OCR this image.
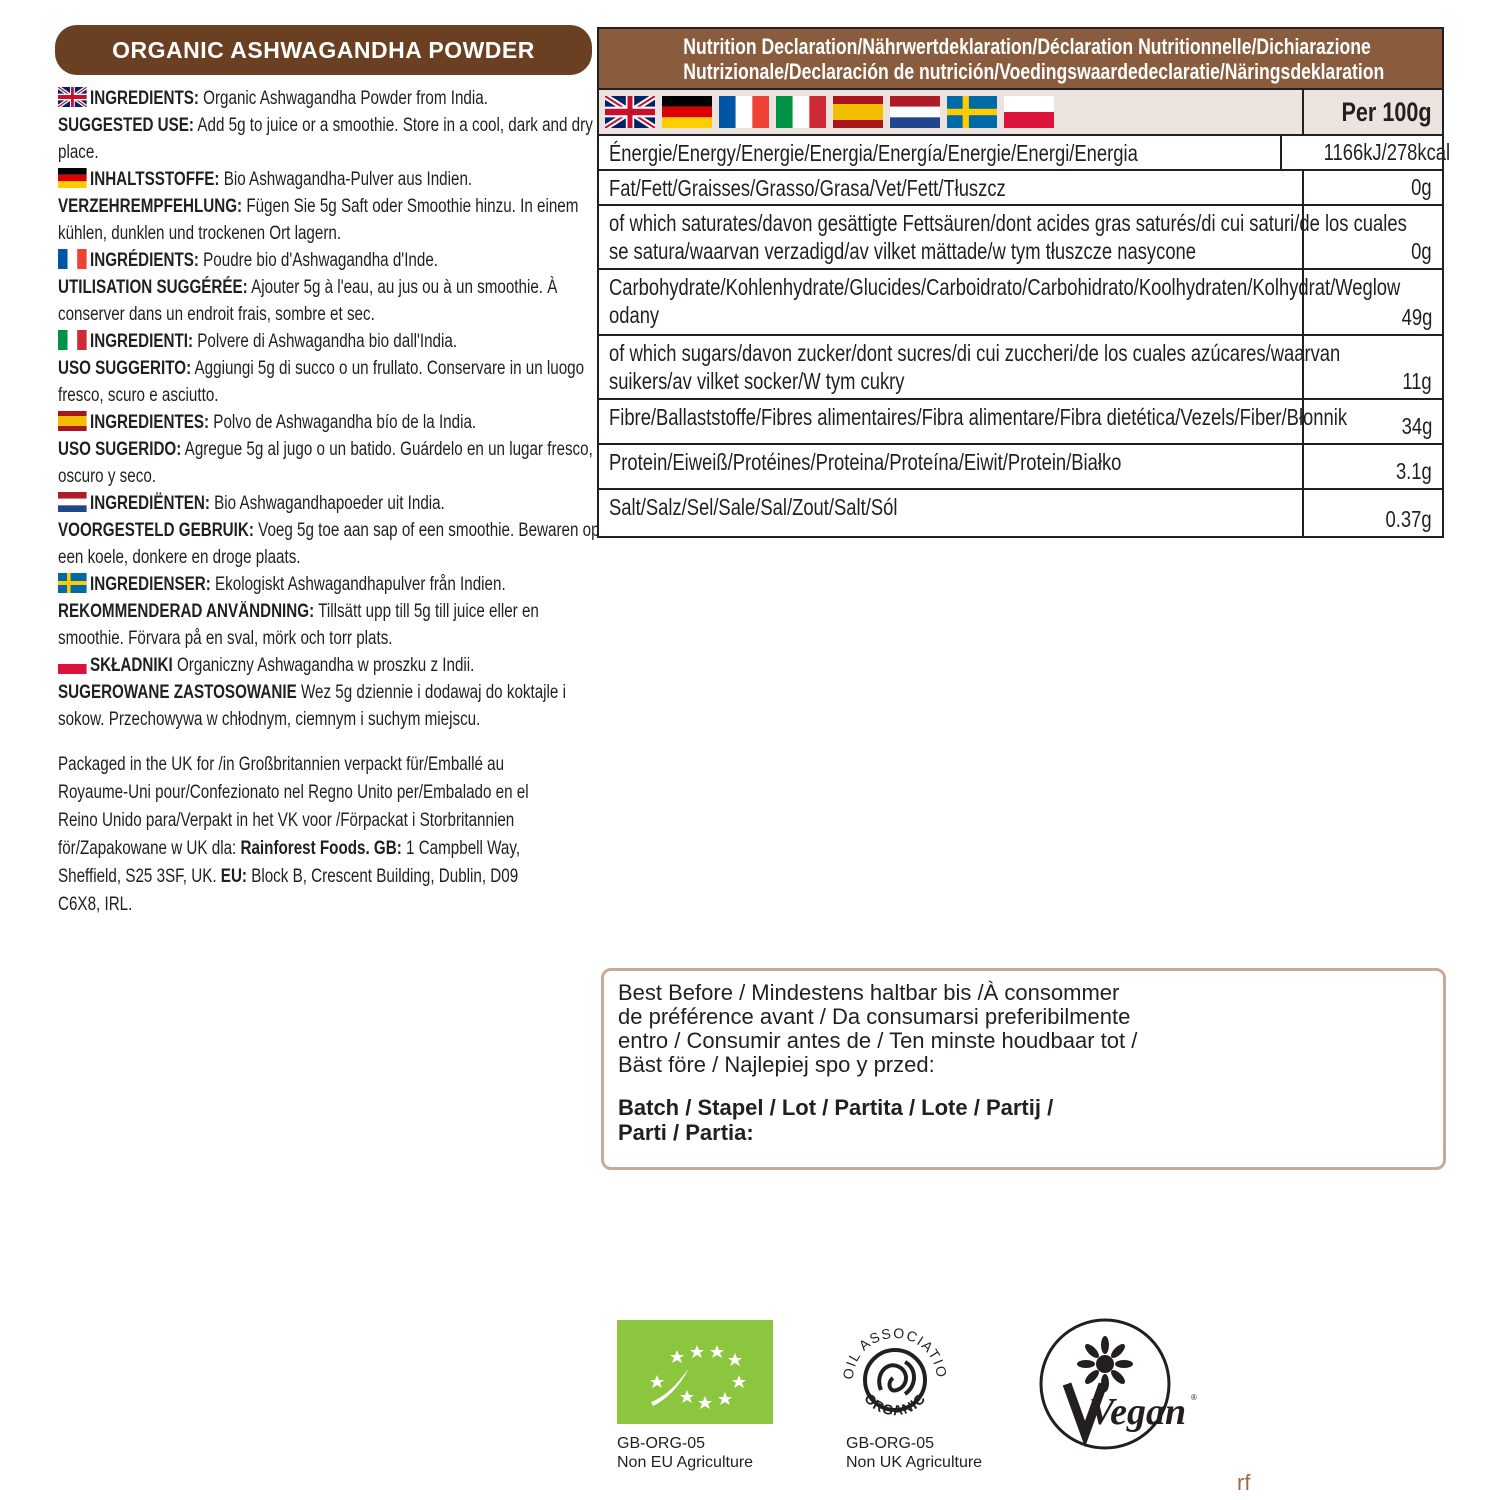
ORGANIC ASHWAGANDHA POWDER
INGREDIENTS: Organic Ashwagandha Powder from India.
SUGGESTED USE: Add 5g to juice or a smoothie. Store in a cool, dark and dry
place.
INHALTSSTOFFE: Bio Ashwagandha-Pulver aus Indien.
VERZEHREMPFEHLUNG: Fügen Sie 5g Saft oder Smoothie hinzu. In einem
kühlen, dunklen und trockenen Ort lagern.
INGRÉDIENTS: Poudre bio d'Ashwagandha d'Inde.
UTILISATION SUGGÉRÉE: Ajouter 5g à l'eau, au jus ou à un smoothie. À
conserver dans un endroit frais, sombre et sec.
INGREDIENTI: Polvere di Ashwagandha bio dall'India.
USO SUGGERITO: Aggiungi 5g di succo o un frullato. Conservare in un luogo
fresco, scuro e asciutto.
INGREDIENTES: Polvo de Ashwagandha bío de la India.
USO SUGERIDO: Agregue 5g al jugo o un batido. Guárdelo en un lugar fresco,
oscuro y seco.
INGREDIËNTEN: Bio Ashwagandhapoeder uit India.
VOORGESTELD GEBRUIK: Voeg 5g toe aan sap of een smoothie. Bewaren op
een koele, donkere en droge plaats.
INGREDIENSER: Ekologiskt Ashwagandhapulver från Indien.
REKOMMENDERAD ANVÄNDNING: Tillsätt upp till 5g till juice eller en
smoothie. Förvara på en sval, mörk och torr plats.
SKŁADNIKI Organiczny Ashwagandha w proszku z Indii.
SUGEROWANE ZASTOSOWANIE Wez 5g dziennie i dodawaj do koktajle i
sokow. Przechowywa w chłodnym, ciemnym i suchym miejscu.
Packaged in the UK for /in Großbritannien verpackt für/Emballé au
Royaume-Uni pour/Confezionato nel Regno Unito per/Embalado en el
Reino Unido para/Verpakt in het VK voor /Förpackat i Storbritannien
för/Zapakowane w UK dla: Rainforest Foods. GB: 1 Campbell Way,
Sheffield, S25 3SF, UK. EU: Block B, Crescent Building, Dublin, D09
C6X8, IRL.
Nutrition Declaration/Nährwertdeklaration/Déclaration Nutritionnelle/Dichiarazione
Nutrizionale/Declaración de nutrición/Voedingswaardedeclaratie/Näringsdeklaration
Per 100g
Énergie/Energy/Energie/Energia/Energía/Energie/Energi/Energia	1166kJ/278kcal
Fat/Fett/Graisses/Grasso/Grasa/Vet/Fett/Tłuszcz	0g
of which saturates/davon gesättigte Fettsäuren/dont acides gras saturés/di cui saturi/de los cuales
se satura/waarvan verzadigd/av vilket mättade/w tym tłuszcze nasycone	0g
Carbohydrate/Kohlenhydrate/Glucides/Carboidrato/Carbohidrato/Koolhydraten/Kolhydrat/Weglow
odany	49g
of which sugars/davon zucker/dont sucres/di cui zuccheri/de los cuales azúcares/waarvan
suikers/av vilket socker/W tym cukry	11g
Fibre/Ballaststoffe/Fibres alimentaires/Fibra alimentare/Fibra dietética/Vezels/Fiber/Błonnik 34g
Protein/Eiweiß/Protéines/Proteina/Proteína/Eiwit/Protein/Białko	3.1g
Salt/Salz/Sel/Sale/Sal/Zout/Salt/Sól	0.37g
Best Before / Mindestens haltbar bis /À consommer
de préférence avant / Da consumarsi preferibilmente
entro / Consumir antes de / Ten minste houdbaar tot /
Bäst före / Najlepiej spo y przed:
Batch / Stapel / Lot / Partita / Lote / Partij /
Parti / Partia:
GB-ORG-05
Non EU Agriculture
OIL ASSOCIATIO
ORGANIC
GB-ORG-05
Non UK Agriculture
Vegan ®
rf
